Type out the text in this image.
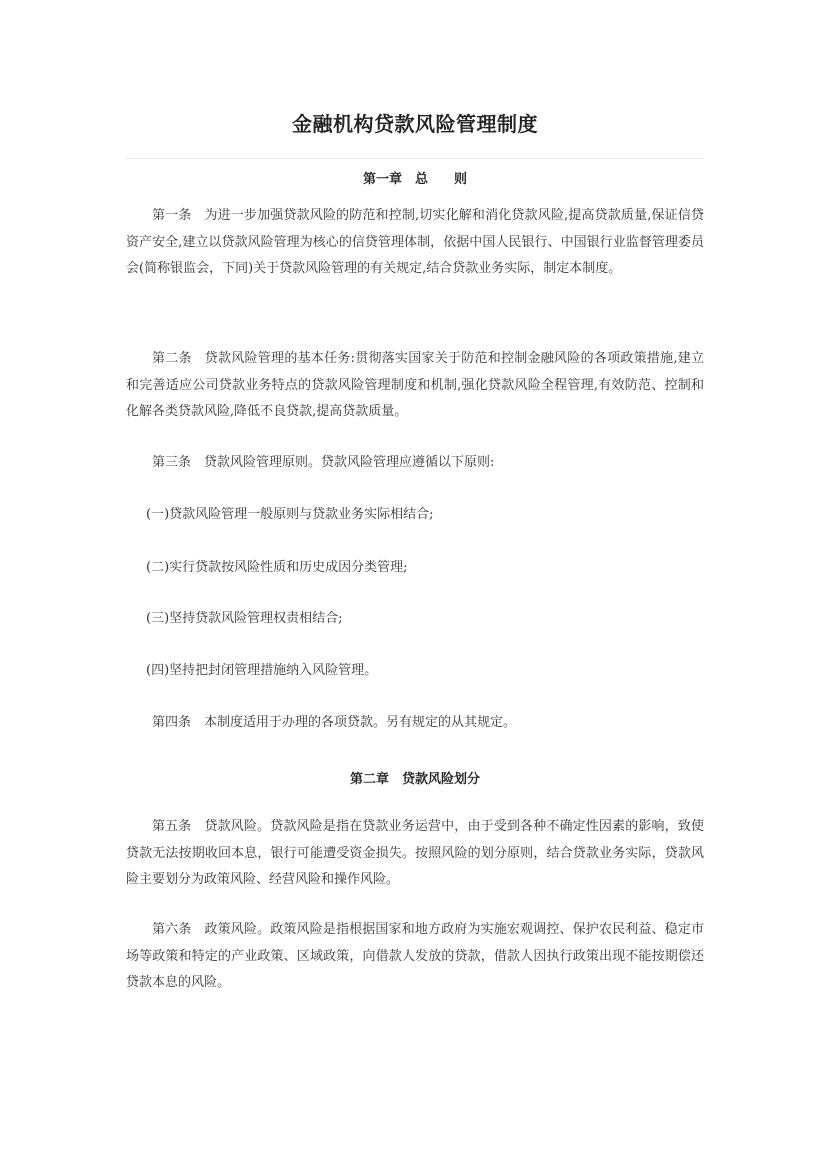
金融机构贷款风险管理制度
第一章　总　　则

第一条 为进一步加强贷款风险的防范和控制,切实化解和消化贷款风险,提高贷款质量,保证信贷资产安全,建立以贷款风险管理为核心的信贷管理体制，依据中国人民银行、中国银行业监督管理委员会(简称银监会，下同)关于贷款风险管理的有关规定,结合贷款业务实际，制定本制度。

第二条 贷款风险管理的基本任务:贯彻落实国家关于防范和控制金融风险的各项政策措施,建立和完善适应公司贷款业务特点的贷款风险管理制度和机制,强化贷款风险全程管理,有效防范、控制和化解各类贷款风险,降低不良贷款,提高贷款质量。

第三条 贷款风险管理原则。贷款风险管理应遵循以下原则:

(一)贷款风险管理一般原则与贷款业务实际相结合;

(二)实行贷款按风险性质和历史成因分类管理;

(三)坚持贷款风险管理权责相结合;

(四)坚持把封闭管理措施纳入风险管理。

第四条 本制度适用于办理的各项贷款。另有规定的从其规定。

第二章　贷款风险划分

第五条 贷款风险。贷款风险是指在贷款业务运营中，由于受到各种不确定性因素的影响，致使贷款无法按期收回本息，银行可能遭受资金损失。按照风险的划分原则，结合贷款业务实际，贷款风险主要划分为政策风险、经营风险和操作风险。

第六条 政策风险。政策风险是指根据国家和地方政府为实施宏观调控、保护农民利益、稳定市场等政策和特定的产业政策、区域政策，向借款人发放的贷款，借款人因执行政策出现不能按期偿还贷款本息的风险。
